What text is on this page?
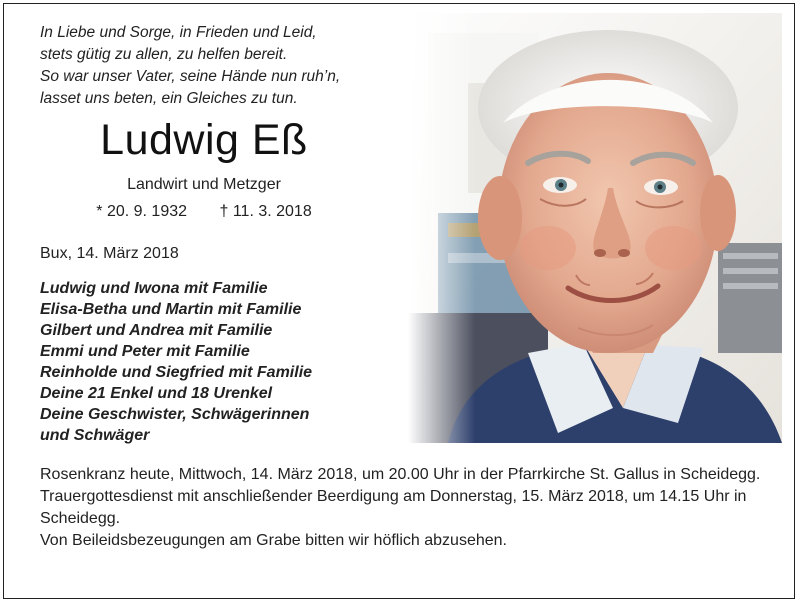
In Liebe und Sorge, in Frieden und Leid,
stets gütig zu allen, zu helfen bereit.
So war unser Vater, seine Hände nun ruh’n,
lasset uns beten, ein Gleiches zu tun.
Ludwig Eß
Landwirt und Metzger
* 20. 9. 1932 † 11. 3. 2018
Bux, 14. März 2018
Ludwig und Iwona mit Familie
Elisa-Betha und Martin mit Familie
Gilbert und Andrea mit Familie
Emmi und Peter mit Familie
Reinholde und Siegfried mit Familie
Deine 21 Enkel und 18 Urenkel
Deine Geschwister, Schwägerinnen
und Schwäger

Rosenkranz heute, Mittwoch, 14. März 2018, um 20.00 Uhr in der Pfarrkirche St. Gallus in Scheidegg.

Trauergottesdienst mit anschließender Beerdigung am Donnerstag, 15. März 2018, um 14.15 Uhr in Scheidegg.

Von Beileidsbezeugungen am Grabe bitten wir höflich abzusehen.
